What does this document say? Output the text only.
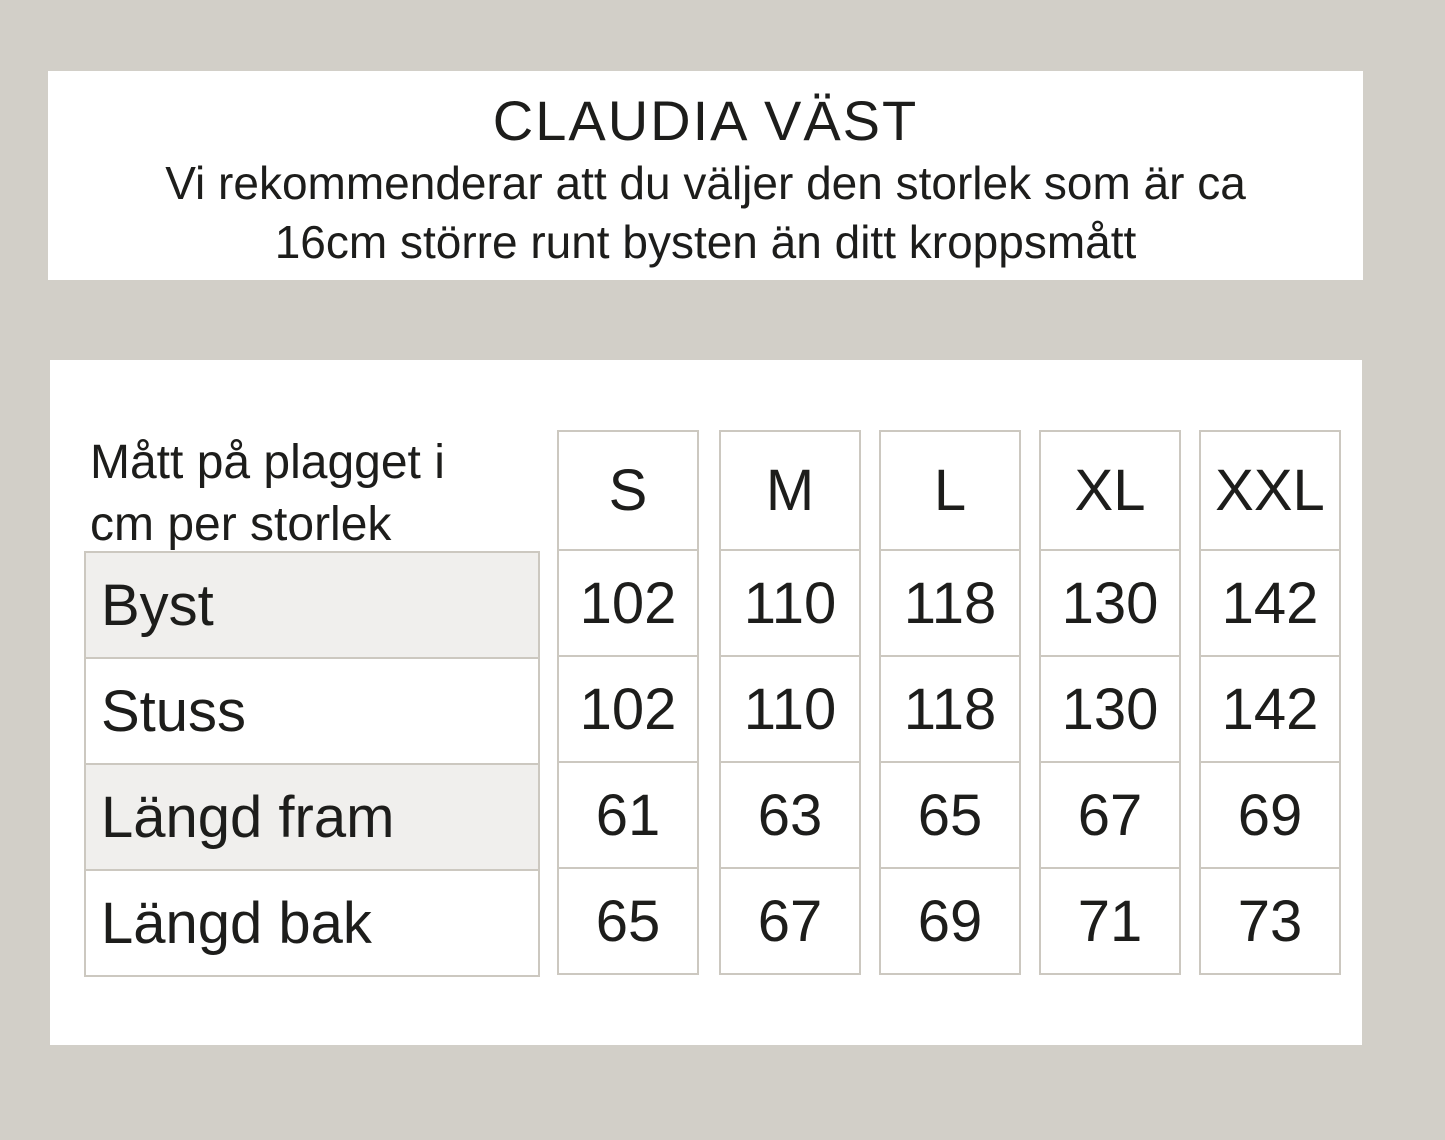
CLAUDIA VÄST
Vi rekommenderar att du väljer den storlek som är ca
16cm större runt bysten än ditt kroppsmått
Mått på plagget i
cm per storlek
Byst
Stuss
Längd fram
Längd bak
S
102
102
61
65
M
110
110
63
67
L
118
118
65
69
XL
130
130
67
71
XXL
142
142
69
73
